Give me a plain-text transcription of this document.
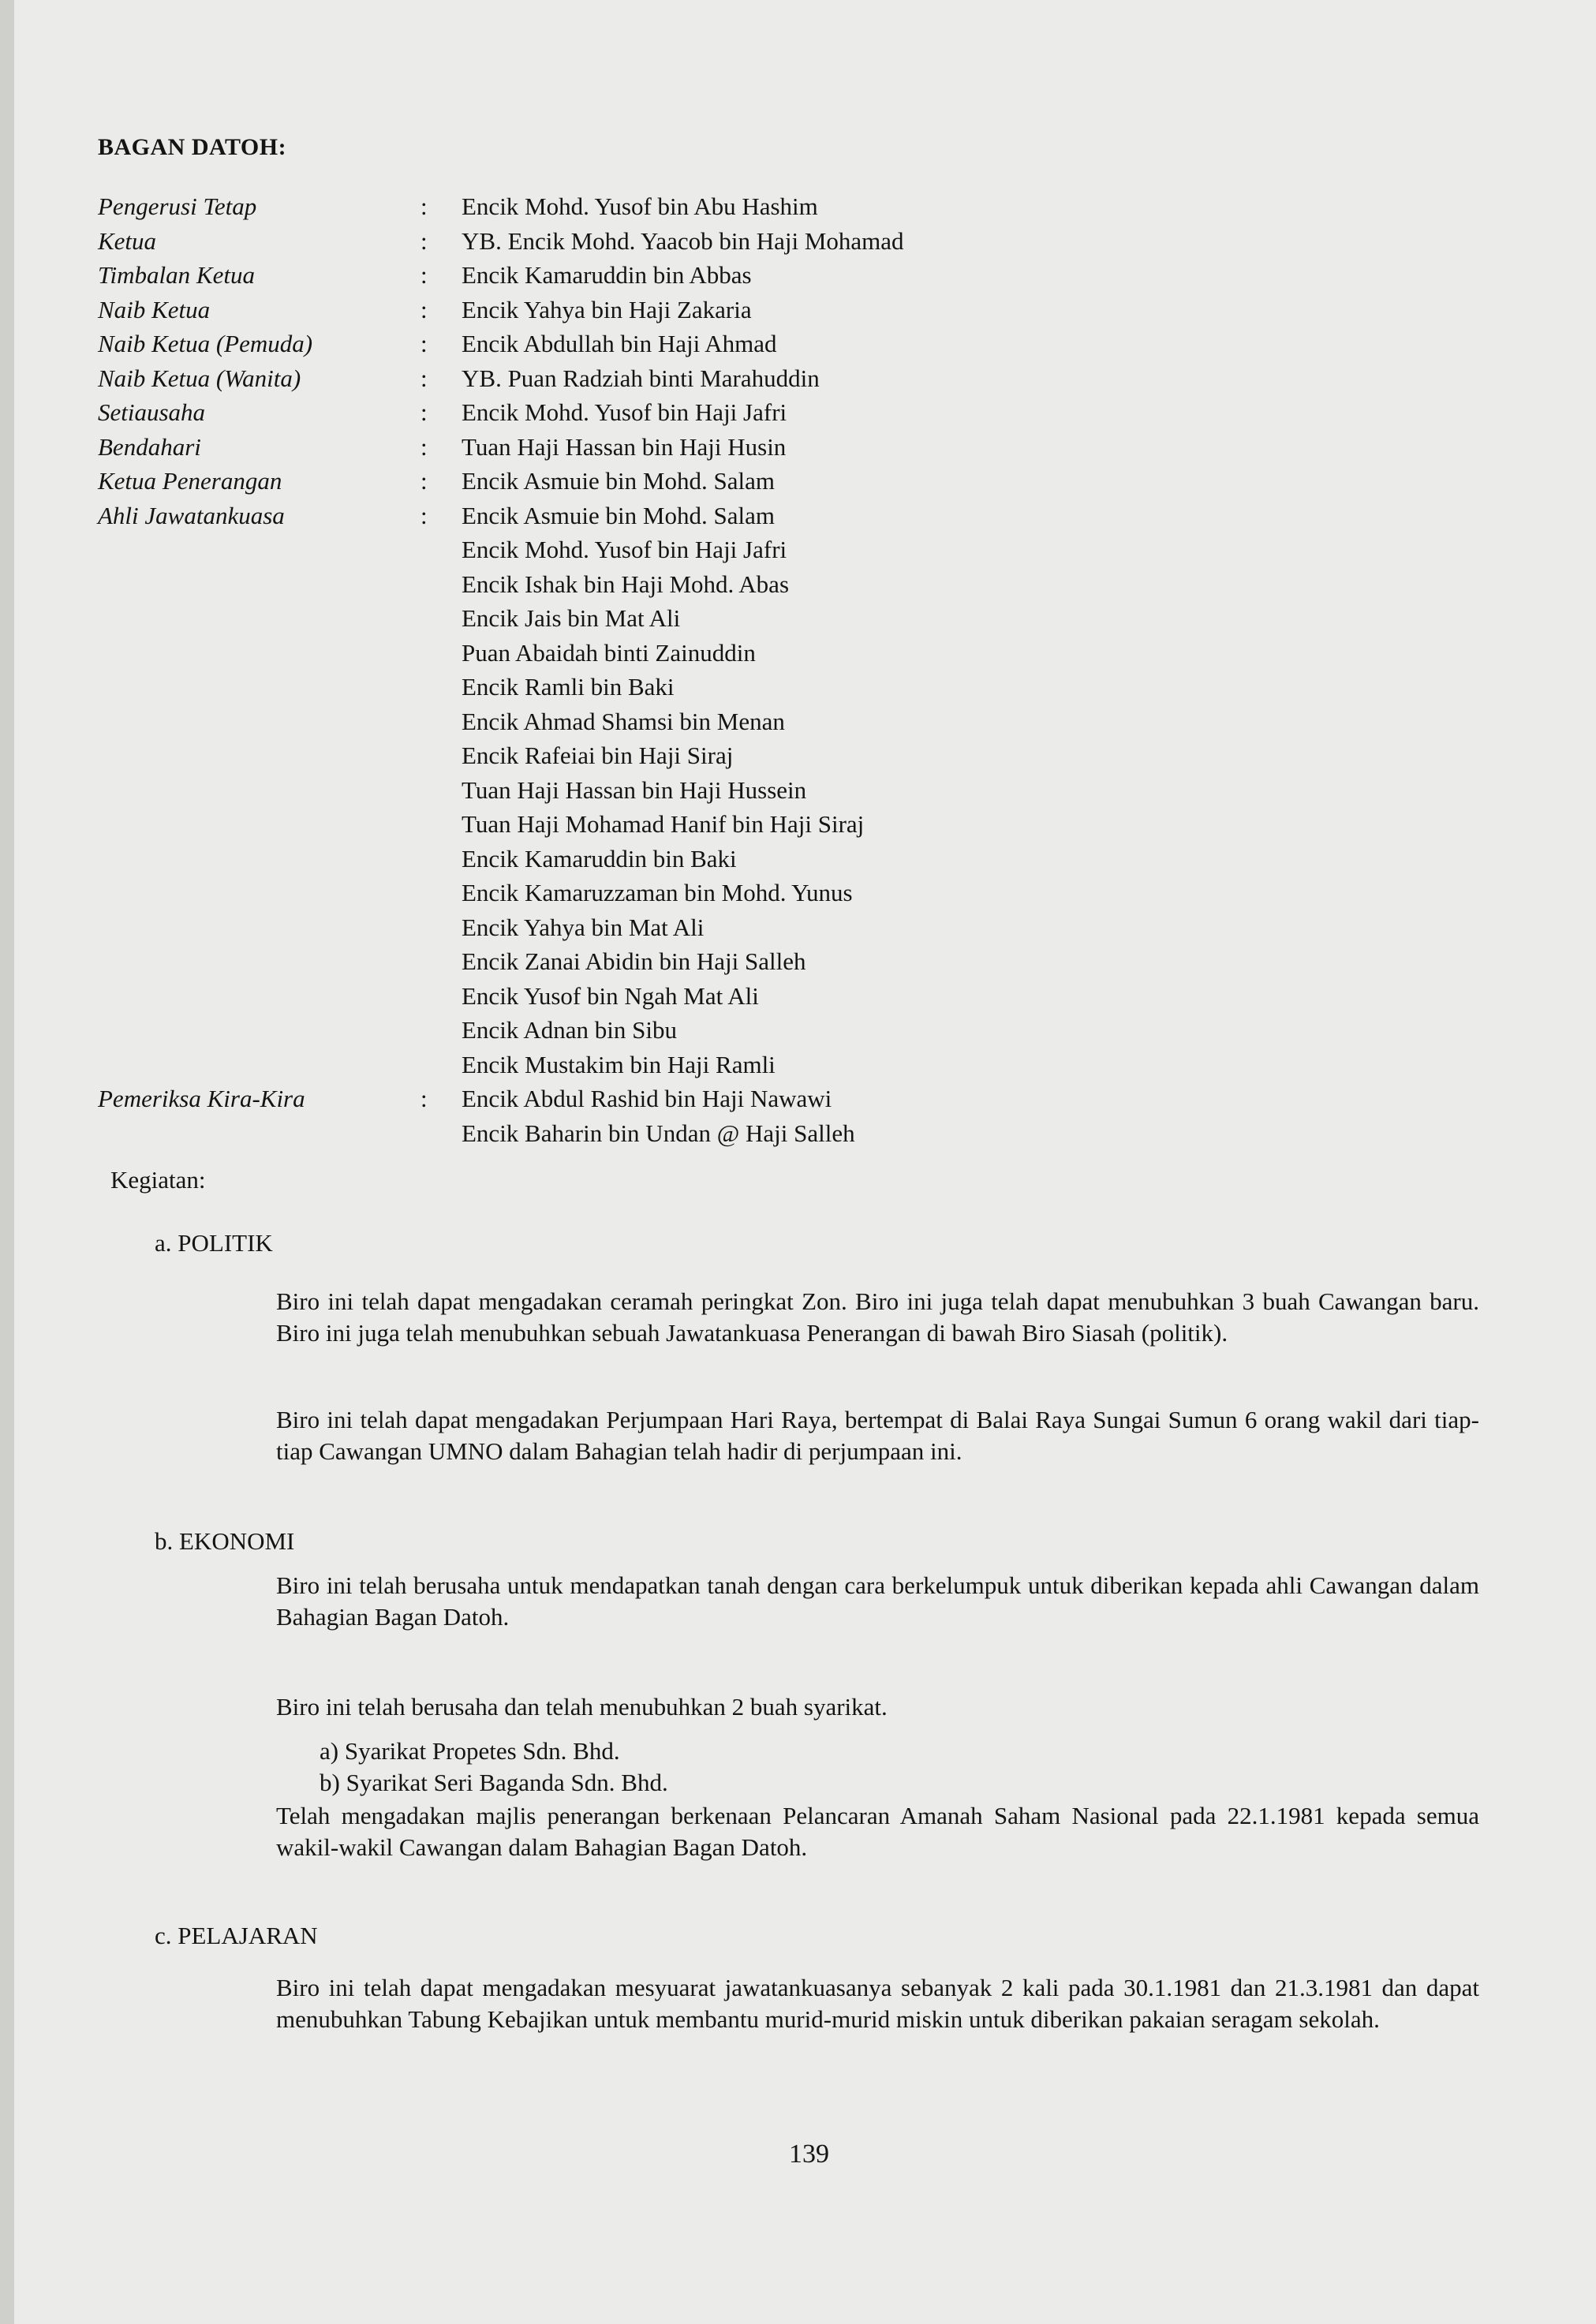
BAGAN DATOH:
Pengerusi Tetap
Ketua
Timbalan Ketua
Naib Ketua
Naib Ketua (Pemuda)
Naib Ketua (Wanita)
Setiausaha
Bendahari
Ketua Penerangan
Ahli Jawatankuasa
Pemeriksa Kira-Kira
:
:
:
:
:
:
:
:
:
:
:
Encik Mohd. Yusof bin Abu Hashim
YB. Encik Mohd. Yaacob bin Haji Mohamad
Encik Kamaruddin bin Abbas
Encik Yahya bin Haji Zakaria
Encik Abdullah bin Haji Ahmad
YB. Puan Radziah binti Marahuddin
Encik Mohd. Yusof bin Haji Jafri
Tuan Haji Hassan bin Haji Husin
Encik Asmuie bin Mohd. Salam
Encik Asmuie bin Mohd. Salam
Encik Mohd. Yusof bin Haji Jafri
Encik Ishak bin Haji Mohd. Abas
Encik Jais bin Mat Ali
Puan Abaidah binti Zainuddin
Encik Ramli bin Baki
Encik Ahmad Shamsi bin Menan
Encik Rafeiai bin Haji Siraj
Tuan Haji Hassan bin Haji Hussein
Tuan Haji Mohamad Hanif bin Haji Siraj
Encik Kamaruddin bin Baki
Encik Kamaruzzaman bin Mohd. Yunus
Encik Yahya bin Mat Ali
Encik Zanai Abidin bin Haji Salleh
Encik Yusof bin Ngah Mat Ali
Encik Adnan bin Sibu
Encik Mustakim bin Haji Ramli
Encik Abdul Rashid bin Haji Nawawi
Encik Baharin bin Undan @ Haji Salleh
Kegiatan:
a. POLITIK
Biro ini telah dapat mengadakan ceramah peringkat Zon. Biro ini juga telah dapat menubuhkan 3 buah Cawangan baru. Biro ini juga telah menubuhkan sebuah Jawatankuasa Penerangan di bawah Biro Siasah (politik).
Biro ini telah dapat mengadakan Perjumpaan Hari Raya, bertempat di Balai Raya Sungai Sumun 6 orang wakil dari tiap-tiap Cawangan UMNO dalam Bahagian telah hadir di perjumpaan ini.
b. EKONOMI
Biro ini telah berusaha untuk mendapatkan tanah dengan cara berkelumpuk untuk diberikan kepada ahli Cawangan dalam Bahagian Bagan Datoh.
Biro ini telah berusaha dan telah menubuhkan 2 buah syarikat.
a) Syarikat Propetes Sdn. Bhd.
b) Syarikat Seri Baganda Sdn. Bhd.
Telah mengadakan majlis penerangan berkenaan Pelancaran Amanah Saham Nasional pada 22.1.1981 kepada semua wakil-wakil Cawangan dalam Bahagian Bagan Datoh.
c. PELAJARAN
Biro ini telah dapat mengadakan mesyuarat jawatankuasanya sebanyak 2 kali pada 30.1.1981 dan 21.3.1981 dan dapat menubuhkan Tabung Kebajikan untuk membantu murid-murid miskin untuk diberikan pakaian seragam sekolah.
139
